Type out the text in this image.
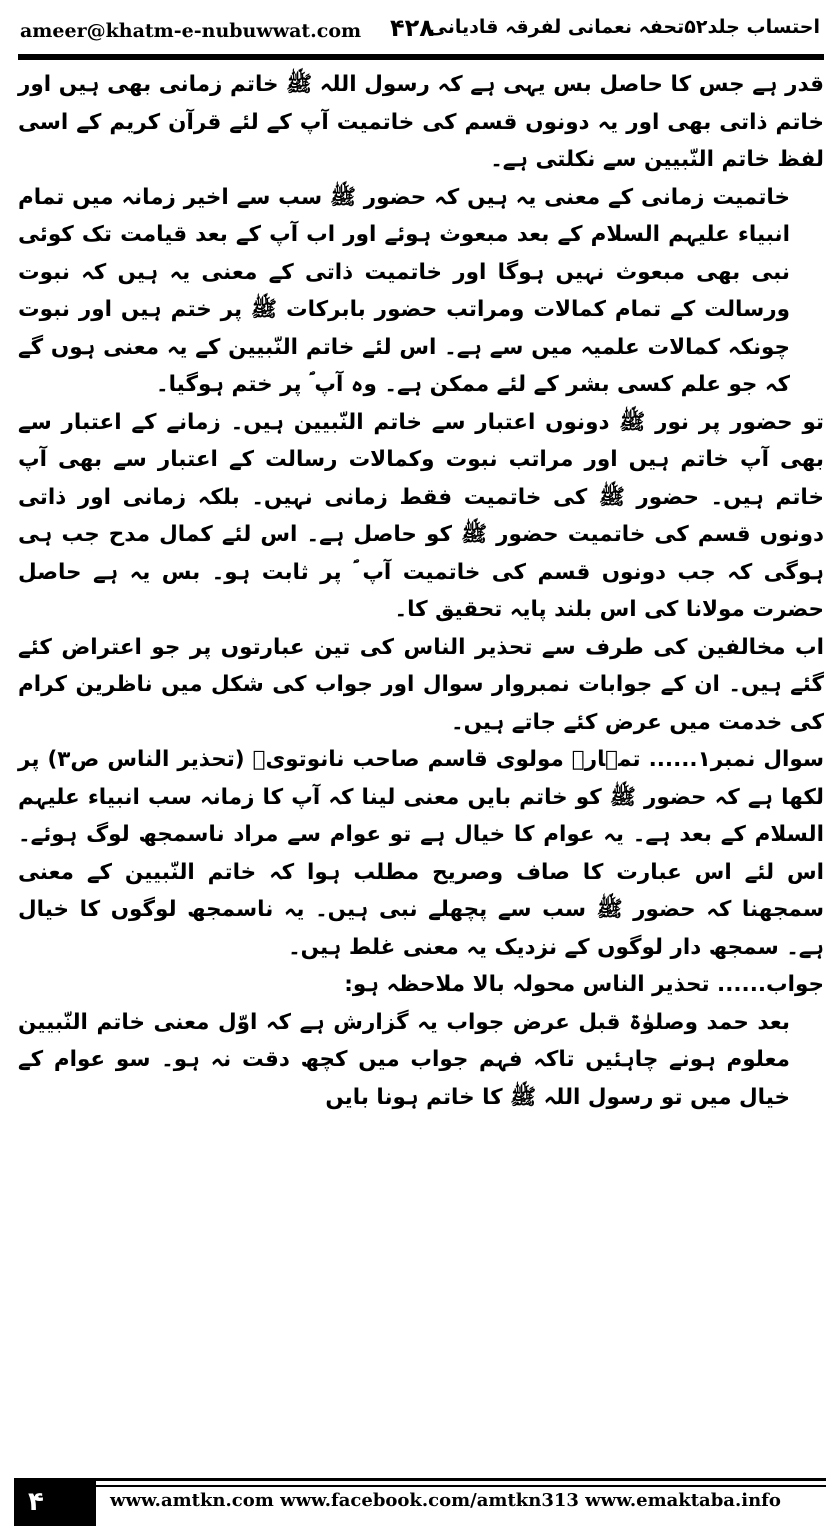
ameer@khatm-e-nubuwwat.com ۴۲۸
احتساب جلد۵۲تحفہ نعمانی لفرقہ قادیانی

قدر ہے جس کا حاصل بس یہی ہے کہ رسول اللہ ﷺ خاتم زمانی بھی ہیں اور خاتم ذاتی بھی اور یہ دونوں قسم کی خاتمیت آپ کے لئے قرآن کریم کے اسی لفظ خاتم النّبیین سے نکلتی ہے۔

خاتمیت زمانی کے معنی یہ ہیں کہ حضور ﷺ سب سے اخیر زمانہ میں تمام انبیاء علیہم السلام کے بعد مبعوث ہوئے اور اب آپ کے بعد قیامت تک کوئی نبی بھی مبعوث نہیں ہوگا اور خاتمیت ذاتی کے معنی یہ ہیں کہ نبوت ورسالت کے تمام کمالات ومراتب حضور بابرکات ﷺ پر ختم ہیں اور نبوت چونکہ کمالات علمیہ میں سے ہے۔ اس لئے خاتم النّبیین کے یہ معنی ہوں گے کہ جو علم کسی بشر کے لئے ممکن ہے۔ وہ آپ ؐ پر ختم ہوگیا۔

تو حضور پر نور ﷺ دونوں اعتبار سے خاتم النّبیین ہیں۔ زمانے کے اعتبار سے بھی آپ خاتم ہیں اور مراتب نبوت وکمالات رسالت کے اعتبار سے بھی آپ خاتم ہیں۔ حضور ﷺ کی خاتمیت فقط زمانی نہیں۔ بلکہ زمانی اور ذاتی دونوں قسم کی خاتمیت حضور ﷺ کو حاصل ہے۔ اس لئے کمال مدح جب ہی ہوگی کہ جب دونوں قسم کی خاتمیت آپ ؐ پر ثابت ہو۔ بس یہ ہے حاصل حضرت مولانا کی اس بلند پایہ تحقیق کا۔

اب مخالفین کی طرف سے تحذیر الناس کی تین عبارتوں پر جو اعتراض کئے گئے ہیں۔ ان کے جوابات نمبروار سوال اور جواب کی شکل میں ناظرین کرام کی خدمت میں عرض کئے جاتے ہیں۔

سوال نمبر۱...... تمہارے مولوی قاسم صاحب نانوتویؒ (تحذیر الناس ص۳) پر لکھا ہے کہ حضور ﷺ کو خاتم بایں معنی لینا کہ آپ کا زمانہ سب انبیاء علیہم السلام کے بعد ہے۔ یہ عوام کا خیال ہے تو عوام سے مراد ناسمجھ لوگ ہوئے۔ اس لئے اس عبارت کا صاف وصریح مطلب ہوا کہ خاتم النّبیین کے معنی سمجھنا کہ حضور ﷺ سب سے پچھلے نبی ہیں۔ یہ ناسمجھ لوگوں کا خیال ہے۔ سمجھ دار لوگوں کے نزدیک یہ معنی غلط ہیں۔

جواب...... تحذیر الناس محولہ بالا ملاحظہ ہو:

بعد حمد وصلوٰۃ قبل عرض جواب یہ گزارش ہے کہ اوّل معنی خاتم النّبیین معلوم ہونے چاہئیں تاکہ فہم جواب میں کچھ دقت نہ ہو۔ سو عوام کے خیال میں تو رسول اللہ ﷺ کا خاتم ہونا بایں

۴	www.amtkn.com www.facebook.com/amtkn313 www.emaktaba.info
